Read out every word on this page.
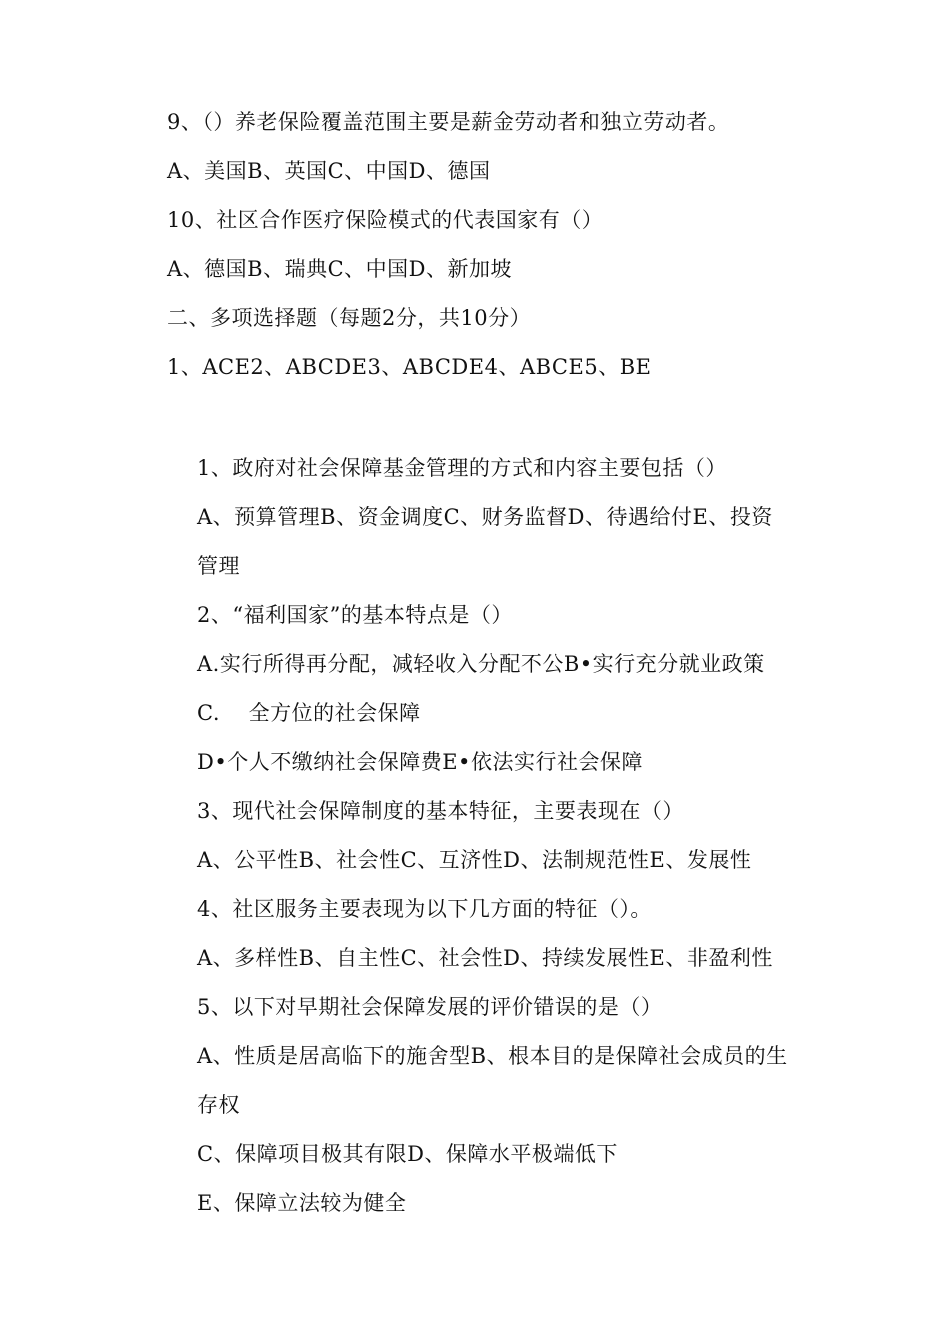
9、（）养老保险覆盖范围主要是薪金劳动者和独立劳动者。
A、美国B、英国C、中国D、德国
10、社区合作医疗保险模式的代表国家有（）
A、德国B、瑞典C、中国D、新加坡
二、多项选择题（每题2分，共10分）
1、ACE2、ABCDE3、ABCDE4、ABCE5、BE
1、政府对社会保障基金管理的方式和内容主要包括（）
A、预算管理B、资金调度C、财务监督D、待遇给付E、投资
管理
2、“福利国家”的基本特点是（）
A.实行所得再分配，减轻收入分配不公B•实行充分就业政策
C.　 全方位的社会保障
D•个人不缴纳社会保障费E•依法实行社会保障
3、现代社会保障制度的基本特征，主要表现在（）
A、公平性B、社会性C、互济性D、法制规范性E、发展性
4、社区服务主要表现为以下几方面的特征（）。
A、多样性B、自主性C、社会性D、持续发展性E、非盈利性
5、以下对早期社会保障发展的评价错误的是（）
A、性质是居高临下的施舍型B、根本目的是保障社会成员的生
存权
C、保障项目极其有限D、保障水平极端低下
E、保障立法较为健全
